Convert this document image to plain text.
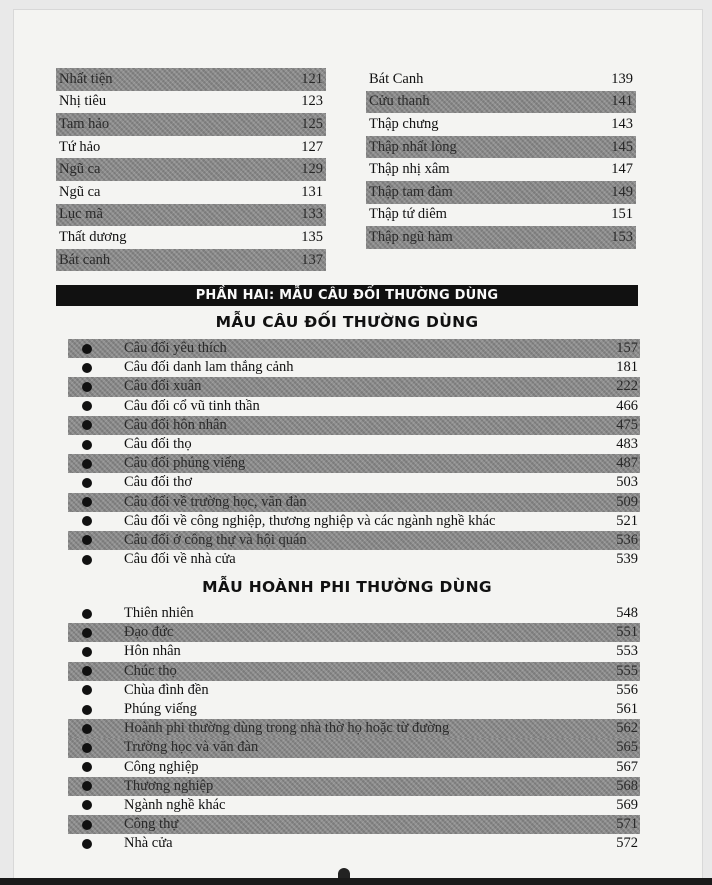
Nhất tiện	121
Nhị tiêu	123
Tam hảo	125
Tứ hảo	127
Ngũ ca	129
Ngũ ca	131
Lục mã	133
Thất dương	135
Bát canh	137
Bát Canh	139
Cửu thanh	141
Thập chưng	143
Thập nhất lòng	145
Thập nhị xâm	147
Thập tam đàm	149
Thập tứ diêm	151
Thập ngũ hàm	153
PHẦN HAI: MẪU CÂU ĐỐI THƯỜNG DÙNG
MẪU CÂU ĐỐI THƯỜNG DÙNG
Câu đối yêu thích	157
Câu đối danh lam thắng cảnh	181
Câu đối xuân	222
Câu đối cổ vũ tinh thần	466
Câu đối hôn nhân	475
Câu đối thọ	483
Câu đối phúng viếng	487
Câu đối thơ	503
Câu đối về trường học, văn đàn	509
Câu đối về công nghiệp, thương nghiệp và các ngành nghề khác	521
Câu đối ở công thự và hội quán	536
Câu đối về nhà cửa	539
MẪU HOÀNH PHI THƯỜNG DÙNG
Thiên nhiên	548
Đạo đức	551
Hôn nhân	553
Chúc thọ	555
Chùa đình đền	556
Phúng viếng	561
Hoành phi thường dùng trong nhà thờ họ hoặc từ đường	562
Trường học và văn đàn	565
Công nghiệp	567
Thương nghiệp	568
Ngành nghề khác	569
Công thự	571
Nhà cửa	572
